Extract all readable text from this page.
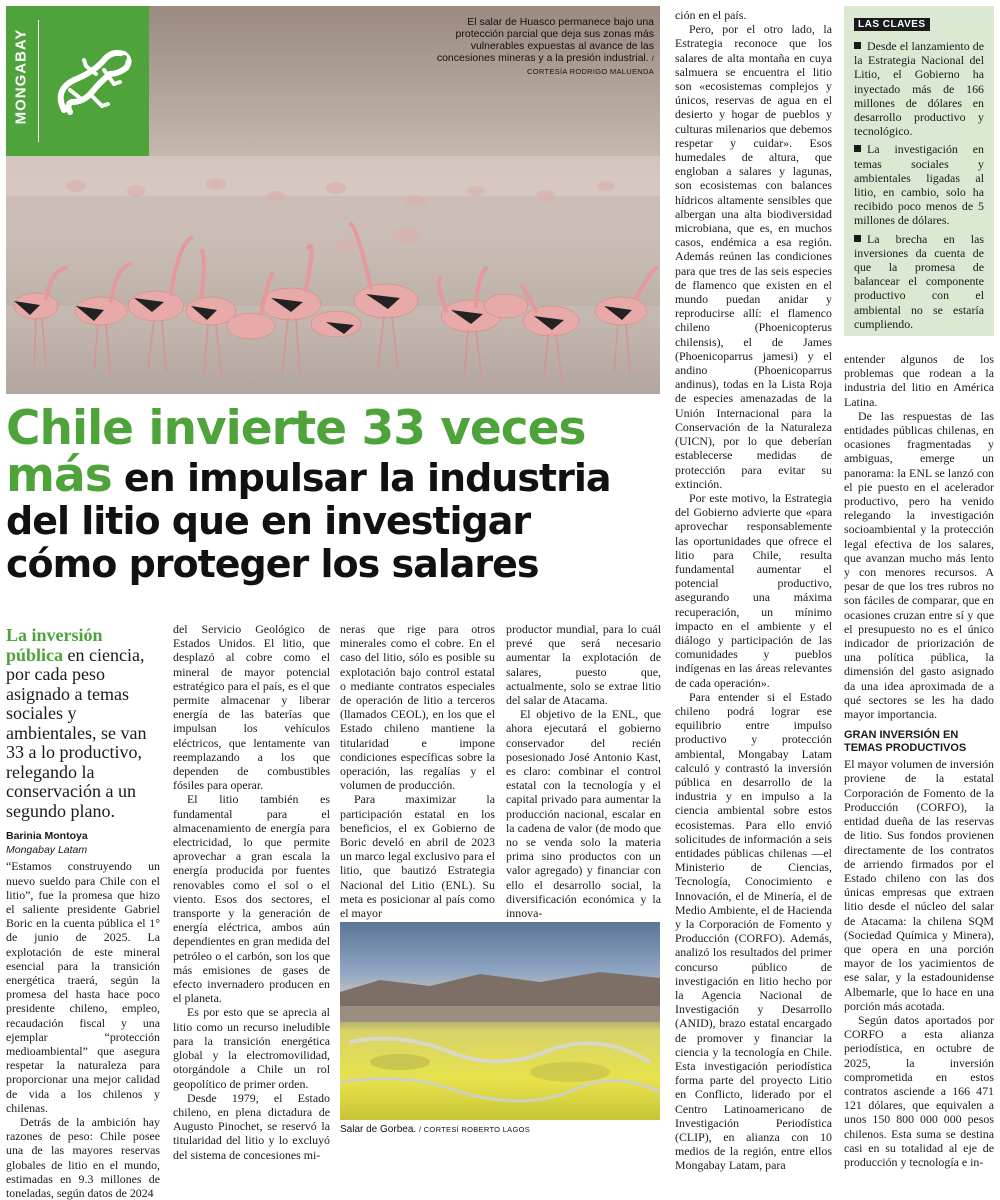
MONGABAY
El salar de Huasco permanece bajo una protección parcial que deja sus zonas más vulnerables expuestas al avance de las concesiones mineras y a la presión industrial. / CORTESÍA RODRIGO MALUENDA
Chile invierte 33 veces
más en impulsar la industria
del litio que en investigar
cómo proteger los salares
La inversión pública en ciencia, por cada peso asignado a temas sociales y ambientales, se van 33 a lo productivo, relegando la conservación a un segundo plano.
Barinia Montoya
Mongabay Latam

“Estamos construyendo un nuevo sueldo para Chile con el litio”, fue la promesa que hizo el saliente presidente Gabriel Boric en la cuenta pública el 1° de junio de 2025. La explotación de este mineral esencial para la transición energética traerá, según la promesa del hasta hace poco presidente chileno, empleo, recaudación fiscal y una ejemplar “protección medioambiental” que asegura respetar la naturaleza para proporcionar una mejor calidad de vida a los chilenos y chilenas.

Detrás de la ambición hay razones de peso: Chile posee una de las mayores reservas globales de litio en el mundo, estimadas en 9.3 millones de toneladas, según datos de 2024

del Servicio Geológico de Estados Unidos. El litio, que desplazó al cobre como el mineral de mayor potencial estratégico para el país, es el que permite almacenar y liberar energía de las baterías que impulsan los vehículos eléctricos, que lentamente van reemplazando a los que dependen de combustibles fósiles para operar.

El litio también es fundamental para el almacenamiento de energía para electricidad, lo que permite aprovechar a gran escala la energía producida por fuentes renovables como el sol o el viento. Esos dos sectores, el transporte y la generación de energía eléctrica, ambos aún dependientes en gran medida del petróleo o el carbón, son los que más emisiones de gases de efecto invernadero producen en el planeta.

Es por esto que se aprecia al litio como un recurso ineludible para la transición energética global y la electromovilidad, otorgándole a Chile un rol geopolítico de primer orden.

Desde 1979, el Estado chileno, en plena dictadura de Augusto Pinochet, se reservó la titularidad del litio y lo excluyó del sistema de concesiones mi-

neras que rige para otros minerales como el cobre. En el caso del litio, sólo es posible su explotación bajo control estatal o mediante contratos especiales de operación de litio a terceros (llamados CEOL), en los que el Estado chileno mantiene la titularidad e impone condiciones específicas sobre la operación, las regalías y el volumen de producción.

Para maximizar la participación estatal en los beneficios, el ex Gobierno de Boric develó en abril de 2023 un marco legal exclusivo para el litio, que bautizó Estrategia Nacional del Litio (ENL). Su meta es posicionar al país como el mayor

productor mundial, para lo cuál prevé que será necesario aumentar la explotación de salares, puesto que, actualmente, solo se extrae litio del salar de Atacama.

El objetivo de la ENL, que ahora ejecutará el gobierno conservador del recién posesionado José Antonio Kast, es claro: combinar el control estatal con la tecnología y el capital privado para aumentar la producción nacional, escalar en la cadena de valor (de modo que no se venda solo la materia prima sino productos con un valor agregado) y financiar con ello el desarrollo social, la diversificación económica y la innova-

Salar de Gorbea. / CORTESÍ ROBERTO LAGOS

ción en el país.

Pero, por el otro lado, la Estrategia reconoce que los salares de alta montaña en cuya salmuera se encuentra el litio son «ecosistemas complejos y únicos, reservas de agua en el desierto y hogar de pueblos y culturas milenarios que debemos respetar y cuidar». Esos humedales de altura, que engloban a salares y lagunas, son ecosistemas con balances hídricos altamente sensibles que albergan una alta biodiversidad microbiana, que es, en muchos casos, endémica a esa región. Además reúnen las condiciones para que tres de las seis especies de flamenco que existen en el mundo puedan anidar y reproducirse allí: el flamenco chileno (Phoenicopterus chilensis), el de James (Phoenicoparrus jamesi) y el andino (Phoenicoparrus andinus), todas en la Lista Roja de especies amenazadas de la Unión Internacional para la Conservación de la Naturaleza (UICN), por lo que deberían establecerse medidas de protección para evitar su extinción.

Por este motivo, la Estrategia del Gobierno advierte que «para aprovechar responsablemente las oportunidades que ofrece el litio para Chile, resulta fundamental aumentar el potencial productivo, asegurando una máxima recuperación, un mínimo impacto en el ambiente y el diálogo y participación de las comunidades y pueblos indígenas en las áreas relevantes de cada operación».

Para entender si el Estado chileno podrá lograr ese equilibrio entre impulso productivo y protección ambiental, Mongabay Latam calculó y contrastó la inversión pública en desarrollo de la industria y en impulso a la ciencia ambiental sobre estos ecosistemas. Para ello envió solicitudes de información a seis entidades públicas chilenas —el Ministerio de Ciencias, Tecnología, Conocimiento e Innovación, el de Minería, el de Medio Ambiente, el de Hacienda y la Corporación de Fomento y Producción (CORFO). Además, analizó los resultados del primer concurso público de investigación en litio hecho por la Agencia Nacional de Investigación y Desarrollo (ANID), brazo estatal encargado de promover y financiar la ciencia y la tecnología en Chile. Esta investigación periodística forma parte del proyecto Litio en Conflicto, liderado por el Centro Latinoamericano de Investigación Periodística (CLIP), en alianza con 10 medios de la región, entre ellos Mongabay Latam, para

LAS CLAVES
Desde el lanzamiento de la Estrategia Nacional del Litio, el Gobierno ha inyectado más de 166 millones de dólares en desarrollo productivo y tecnológico.
La investigación en temas sociales y ambientales ligadas al litio, en cambio, solo ha recibido poco menos de 5 millones de dólares.
La brecha en las inversiones da cuenta de que la promesa de balancear el componente productivo con el ambiental no se estaría cumpliendo.

entender algunos de los problemas que rodean a la industria del litio en América Latina.

De las respuestas de las entidades públicas chilenas, en ocasiones fragmentadas y ambiguas, emerge un panorama: la ENL se lanzó con el pie puesto en el acelerador productivo, pero ha venido relegando la investigación socioambiental y la protección legal efectiva de los salares, que avanzan mucho más lento y con menores recursos. A pesar de que los tres rubros no son fáciles de comparar, que en ocasiones cruzan entre sí y que el presupuesto no es el único indicador de priorización de una política pública, la dimensión del gasto asignado da una idea aproximada de a qué sectores se les ha dado mayor importancia.

GRAN INVERSIÓN EN TEMAS PRODUCTIVOS

El mayor volumen de inversión proviene de la estatal Corporación de Fomento de la Producción (CORFO), la entidad dueña de las reservas de litio. Sus fondos provienen directamente de los contratos de arriendo firmados por el Estado chileno con las dos únicas empresas que extraen litio desde el núcleo del salar de Atacama: la chilena SQM (Sociedad Química y Minera), que opera en una porción mayor de los yacimientos de ese salar, y la estadounidense Albemarle, que lo hace en una porción más acotada.

Según datos aportados por CORFO a esta alianza periodística, en octubre de 2025, la inversión comprometida en estos contratos asciende a 166 471 121 dólares, que equivalen a unos 150 800 000 000 pesos chilenos. Esta suma se destina casi en su totalidad al eje de producción y tecnología e in-
